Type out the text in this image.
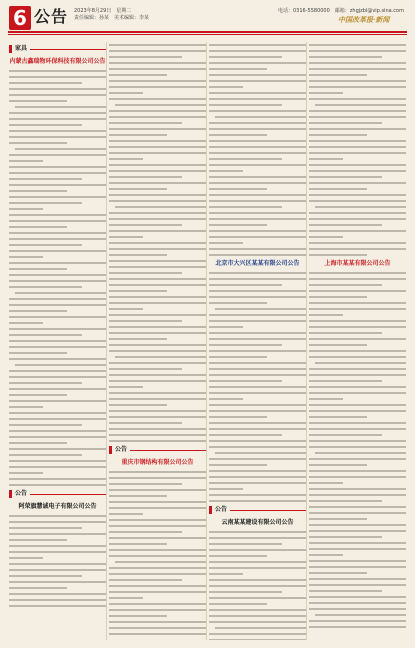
6 公告 2023年8月29日　星期二
责任编辑：孙某　美术编辑：李某
电话：0316-5580000　邮箱：zhgjzbl@vip.sina.com
中国改革报·新闻
家具
内蒙古鑫瑞物环保科技有限公司公告

公告
阿荣旗慧诚电子有限公司公告

公告
重庆市钢结构有限公司公告

北京市大兴区某某有限公司公告

公告
云南某某建设有限公司公告

上海市某某有限公司公告
